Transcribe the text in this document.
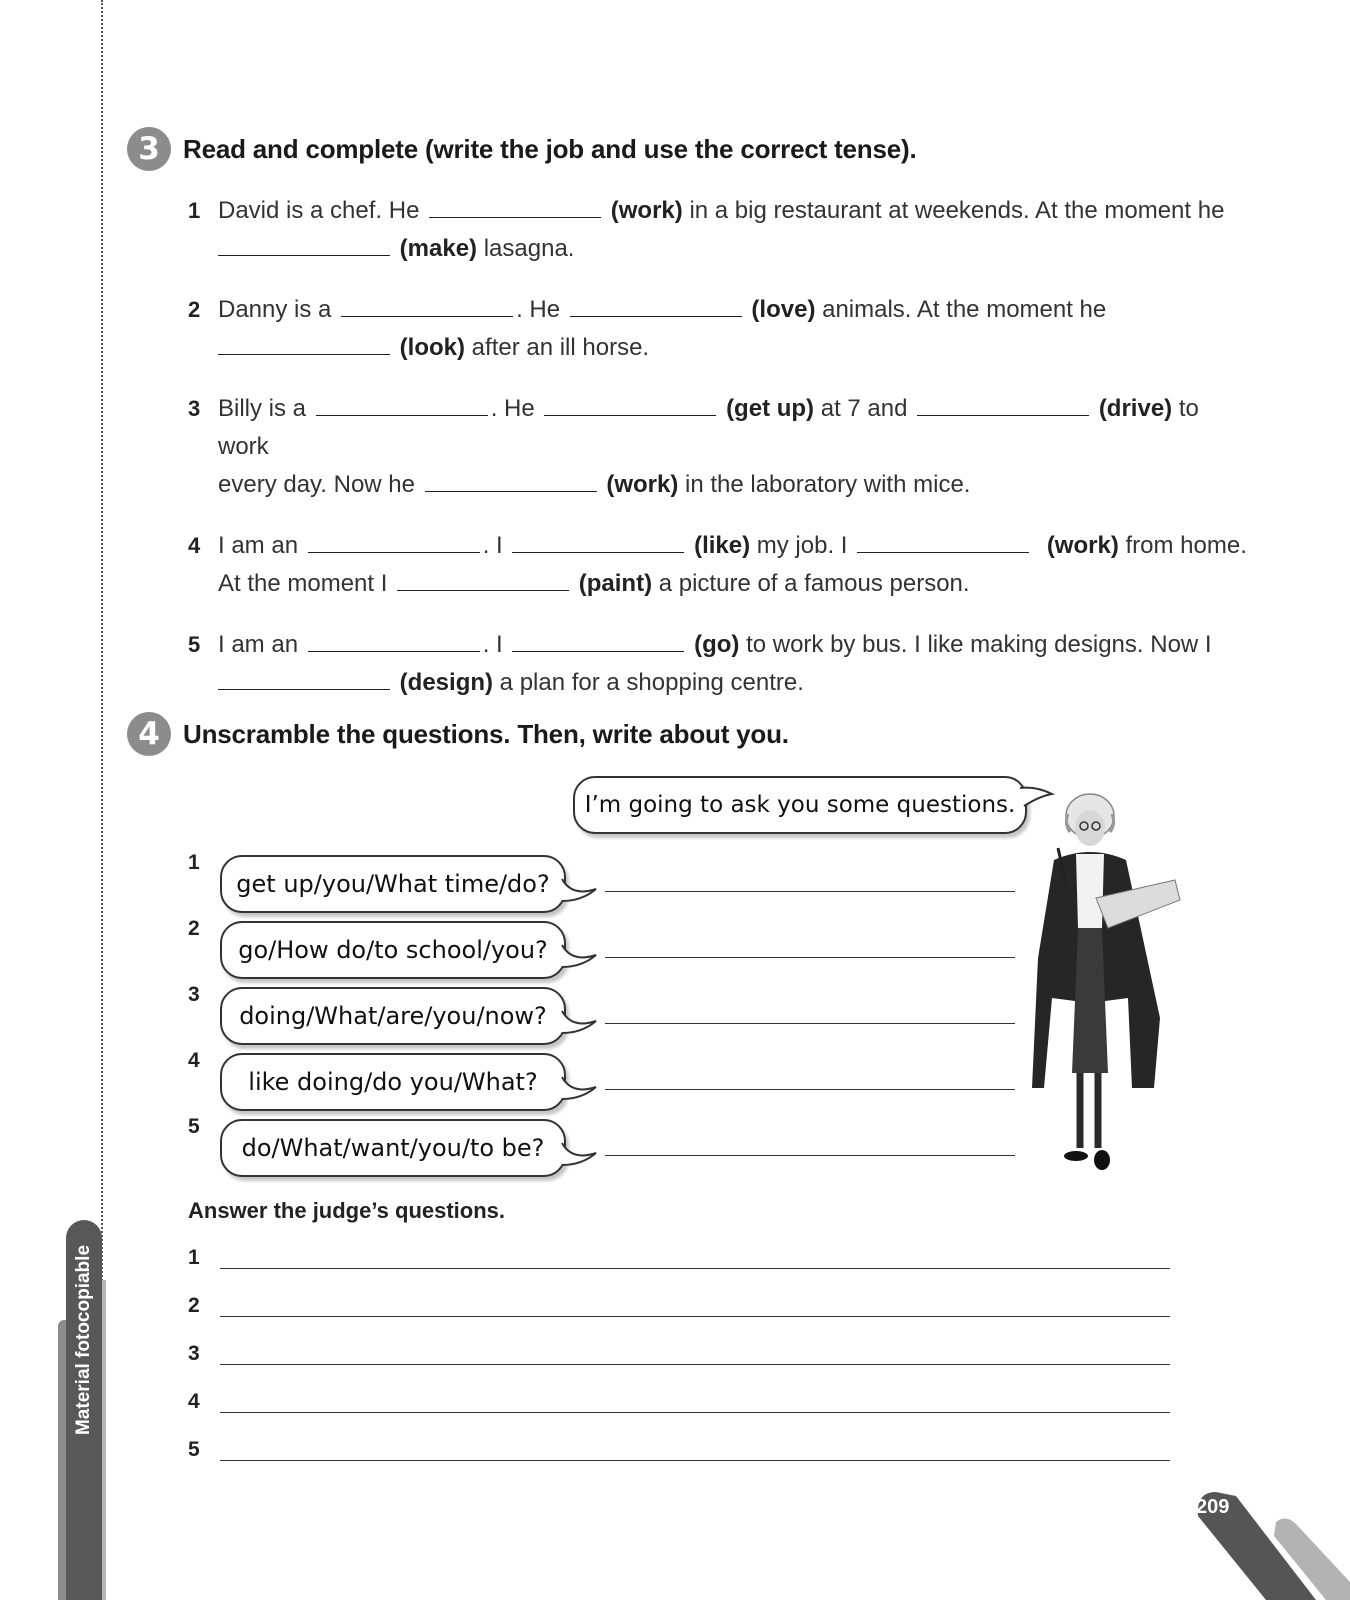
3 Read and complete (write the job and use the correct tense).
1 David is a chef. He	(work) in a big restaurant at weekends. At the moment he
(make) lasagna.
2 Danny is a	. He	(love) animals. At the moment he
(look) after an ill horse.
3 Billy is a	. He	(get up) at 7 and	(drive) to work
every day. Now he	(work) in the laboratory with mice.
4 I am an	. I	(like) my job. I	(work) from home.
At the moment I	(paint) a picture of a famous person.
5 I am an	. I	(go) to work by bus. I like making designs. Now I
(design) a plan for a shopping centre.
4 Unscramble the questions. Then, write about you.
I’m going to ask you some questions.
1
get up/you/What time/do?
2
go/How do/to school/you?
3
doing/What/are/you/now?
4
like doing/do you/What?
5
do/What/want/you/to be?
Answer the judge’s questions.
1
2
3
4
5
Material fotocopiable
209
